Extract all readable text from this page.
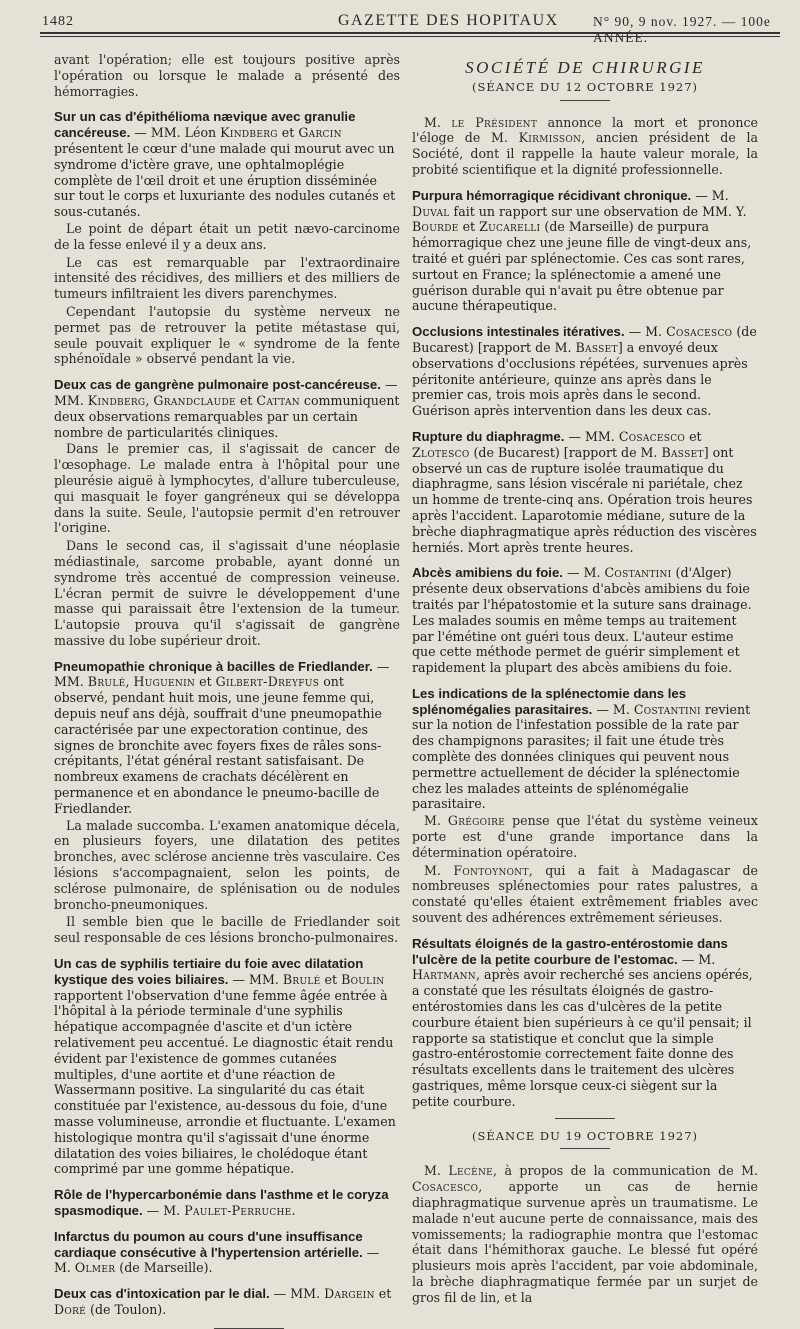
1482	GAZETTE DES HOPITAUX	N° 90, 9 nov. 1927. — 100e ANNÉE.

avant l'opération; elle est toujours positive après l'opération ou lorsque le malade a présenté des hémorragies.

Sur un cas d'épithélioma nævique avec granulie cancéreuse. — MM. Léon Kindberg et Garcin présentent le cœur d'une malade qui mourut avec un syndrome d'ictère grave, une ophtalmoplégie complète de l'œil droit et une éruption disséminée sur tout le corps et luxuriante des nodules cutanés et sous-cutanés.

Le point de départ était un petit nævo-carcinome de la fesse enlevé il y a deux ans.

Le cas est remarquable par l'extraordinaire intensité des récidives, des milliers et des milliers de tumeurs infiltraient les divers parenchymes.

Cependant l'autopsie du système nerveux ne permet pas de retrouver la petite métastase qui, seule pouvait expliquer le « syndrome de la fente sphénoïdale » observé pendant la vie.

Deux cas de gangrène pulmonaire post-cancéreuse. — MM. Kindberg, Grandclaude et Cattan communiquent deux observations remarquables par un certain nombre de particularités cliniques.

Dans le premier cas, il s'agissait de cancer de l'œsophage. Le malade entra à l'hôpital pour une pleurésie aiguë à lymphocytes, d'allure tuberculeuse, qui masquait le foyer gangréneux qui se développa dans la suite. Seule, l'autopsie permit d'en retrouver l'origine.

Dans le second cas, il s'agissait d'une néoplasie médiastinale, sarcome probable, ayant donné un syndrome très accentué de compression veineuse. L'écran permit de suivre le développement d'une masse qui paraissait être l'extension de la tumeur. L'autopsie prouva qu'il s'agissait de gangrène massive du lobe supérieur droit.

Pneumopathie chronique à bacilles de Friedlander. — MM. Brulé, Huguenin et Gilbert-Dreyfus ont observé, pendant huit mois, une jeune femme qui, depuis neuf ans déjà, souffrait d'une pneumopathie caractérisée par une expectoration continue, des signes de bronchite avec foyers fixes de râles sons-crépitants, l'état général restant satisfaisant. De nombreux examens de crachats décélèrent en permanence et en abondance le pneumo-bacille de Friedlander.

La malade succomba. L'examen anatomique décela, en plusieurs foyers, une dilatation des petites bronches, avec sclérose ancienne très vasculaire. Ces lésions s'accompagnaient, selon les points, de sclérose pulmonaire, de splénisation ou de nodules broncho-pneumoniques.

Il semble bien que le bacille de Friedlander soit seul responsable de ces lésions broncho-pulmonaires.

Un cas de syphilis tertiaire du foie avec dilatation kystique des voies biliaires. — MM. Brulé et Boulin rapportent l'observation d'une femme âgée entrée à l'hôpital à la période terminale d'une syphilis hépatique accompagnée d'ascite et d'un ictère relativement peu accentué. Le diagnostic était rendu évident par l'existence de gommes cutanées multiples, d'une aortite et d'une réaction de Wassermann positive. La singularité du cas était constituée par l'existence, au-dessous du foie, d'une masse volumineuse, arrondie et fluctuante. L'examen histologique montra qu'il s'agissait d'une énorme dilatation des voies biliaires, le cholédoque étant comprimé par une gomme hépatique.
Rôle de l'hypercarbonémie dans l'asthme et le coryza spasmodique. — M. Paulet-Perruche.
Infarctus du poumon au cours d'une insuffisance cardiaque consécutive à l'hypertension artérielle. — M. Olmer (de Marseille).
Deux cas d'intoxication par le dial. — MM. Dargein et Doré (de Toulon).
SOCIÉTÉ DE CHIRURGIE
(SÉANCE DU 12 OCTOBRE 1927)

M. le Président annonce la mort et prononce l'éloge de M. Kirmisson, ancien président de la Société, dont il rappelle la haute valeur morale, la probité scientifique et la dignité professionnelle.

Purpura hémorragique récidivant chronique. — M. Duval fait un rapport sur une observation de MM. Y. Bourde et Zucarelli (de Marseille) de purpura hémorragique chez une jeune fille de vingt-deux ans, traité et guéri par splénectomie. Ces cas sont rares, surtout en France; la splénectomie a amené une guérison durable qui n'avait pu être obtenue par aucune thérapeutique.
Occlusions intestinales itératives. — M. Cosacesco (de Bucarest) [rapport de M. Basset] a envoyé deux observations d'occlusions répétées, survenues après péritonite antérieure, quinze ans après dans le premier cas, trois mois après dans le second. Guérison après intervention dans les deux cas.
Rupture du diaphragme. — MM. Cosacesco et Zlotesco (de Bucarest) [rapport de M. Basset] ont observé un cas de rupture isolée traumatique du diaphragme, sans lésion viscérale ni pariétale, chez un homme de trente-cinq ans. Opération trois heures après l'accident. Laparotomie médiane, suture de la brèche diaphragmatique après réduction des viscères herniés. Mort après trente heures.
Abcès amibiens du foie. — M. Costantini (d'Alger) présente deux observations d'abcès amibiens du foie traités par l'hépatostomie et la suture sans drainage. Les malades soumis en même temps au traitement par l'émétine ont guéri tous deux. L'auteur estime que cette méthode permet de guérir simplement et rapidement la plupart des abcès amibiens du foie.
Les indications de la splénectomie dans les splénomégalies parasitaires. — M. Costantini revient sur la notion de l'infestation possible de la rate par des champignons parasites; il fait une étude très complète des données cliniques qui peuvent nous permettre actuellement de décider la splénectomie chez les malades atteints de splénomégalie parasitaire.

M. Grégoire pense que l'état du système veineux porte est d'une grande importance dans la détermination opératoire.

M. Fontoynont, qui a fait à Madagascar de nombreuses splénectomies pour rates palustres, a constaté qu'elles étaient extrêmement friables avec souvent des adhérences extrêmement sérieuses.

Résultats éloignés de la gastro-entérostomie dans l'ulcère de la petite courbure de l'estomac. — M. Hartmann, après avoir recherché ses anciens opérés, a constaté que les résultats éloignés de gastro-entérostomies dans les cas d'ulcères de la petite courbure étaient bien supérieurs à ce qu'il pensait; il rapporte sa statistique et conclut que la simple gastro-entérostomie correctement faite donne des résultats excellents dans le traitement des ulcères gastriques, même lorsque ceux-ci siègent sur la petite courbure.
(SÉANCE DU 19 OCTOBRE 1927)

M. Lecène, à propos de la communication de M. Cosacesco, apporte un cas de hernie diaphragmatique survenue après un traumatisme. Le malade n'eut aucune perte de connaissance, mais des vomissements; la radiographie montra que l'estomac était dans l'hémithorax gauche. Le blessé fut opéré plusieurs mois après l'accident, par voie abdominale, la brèche diaphragmatique fermée par un surjet de gros fil de lin, et la
